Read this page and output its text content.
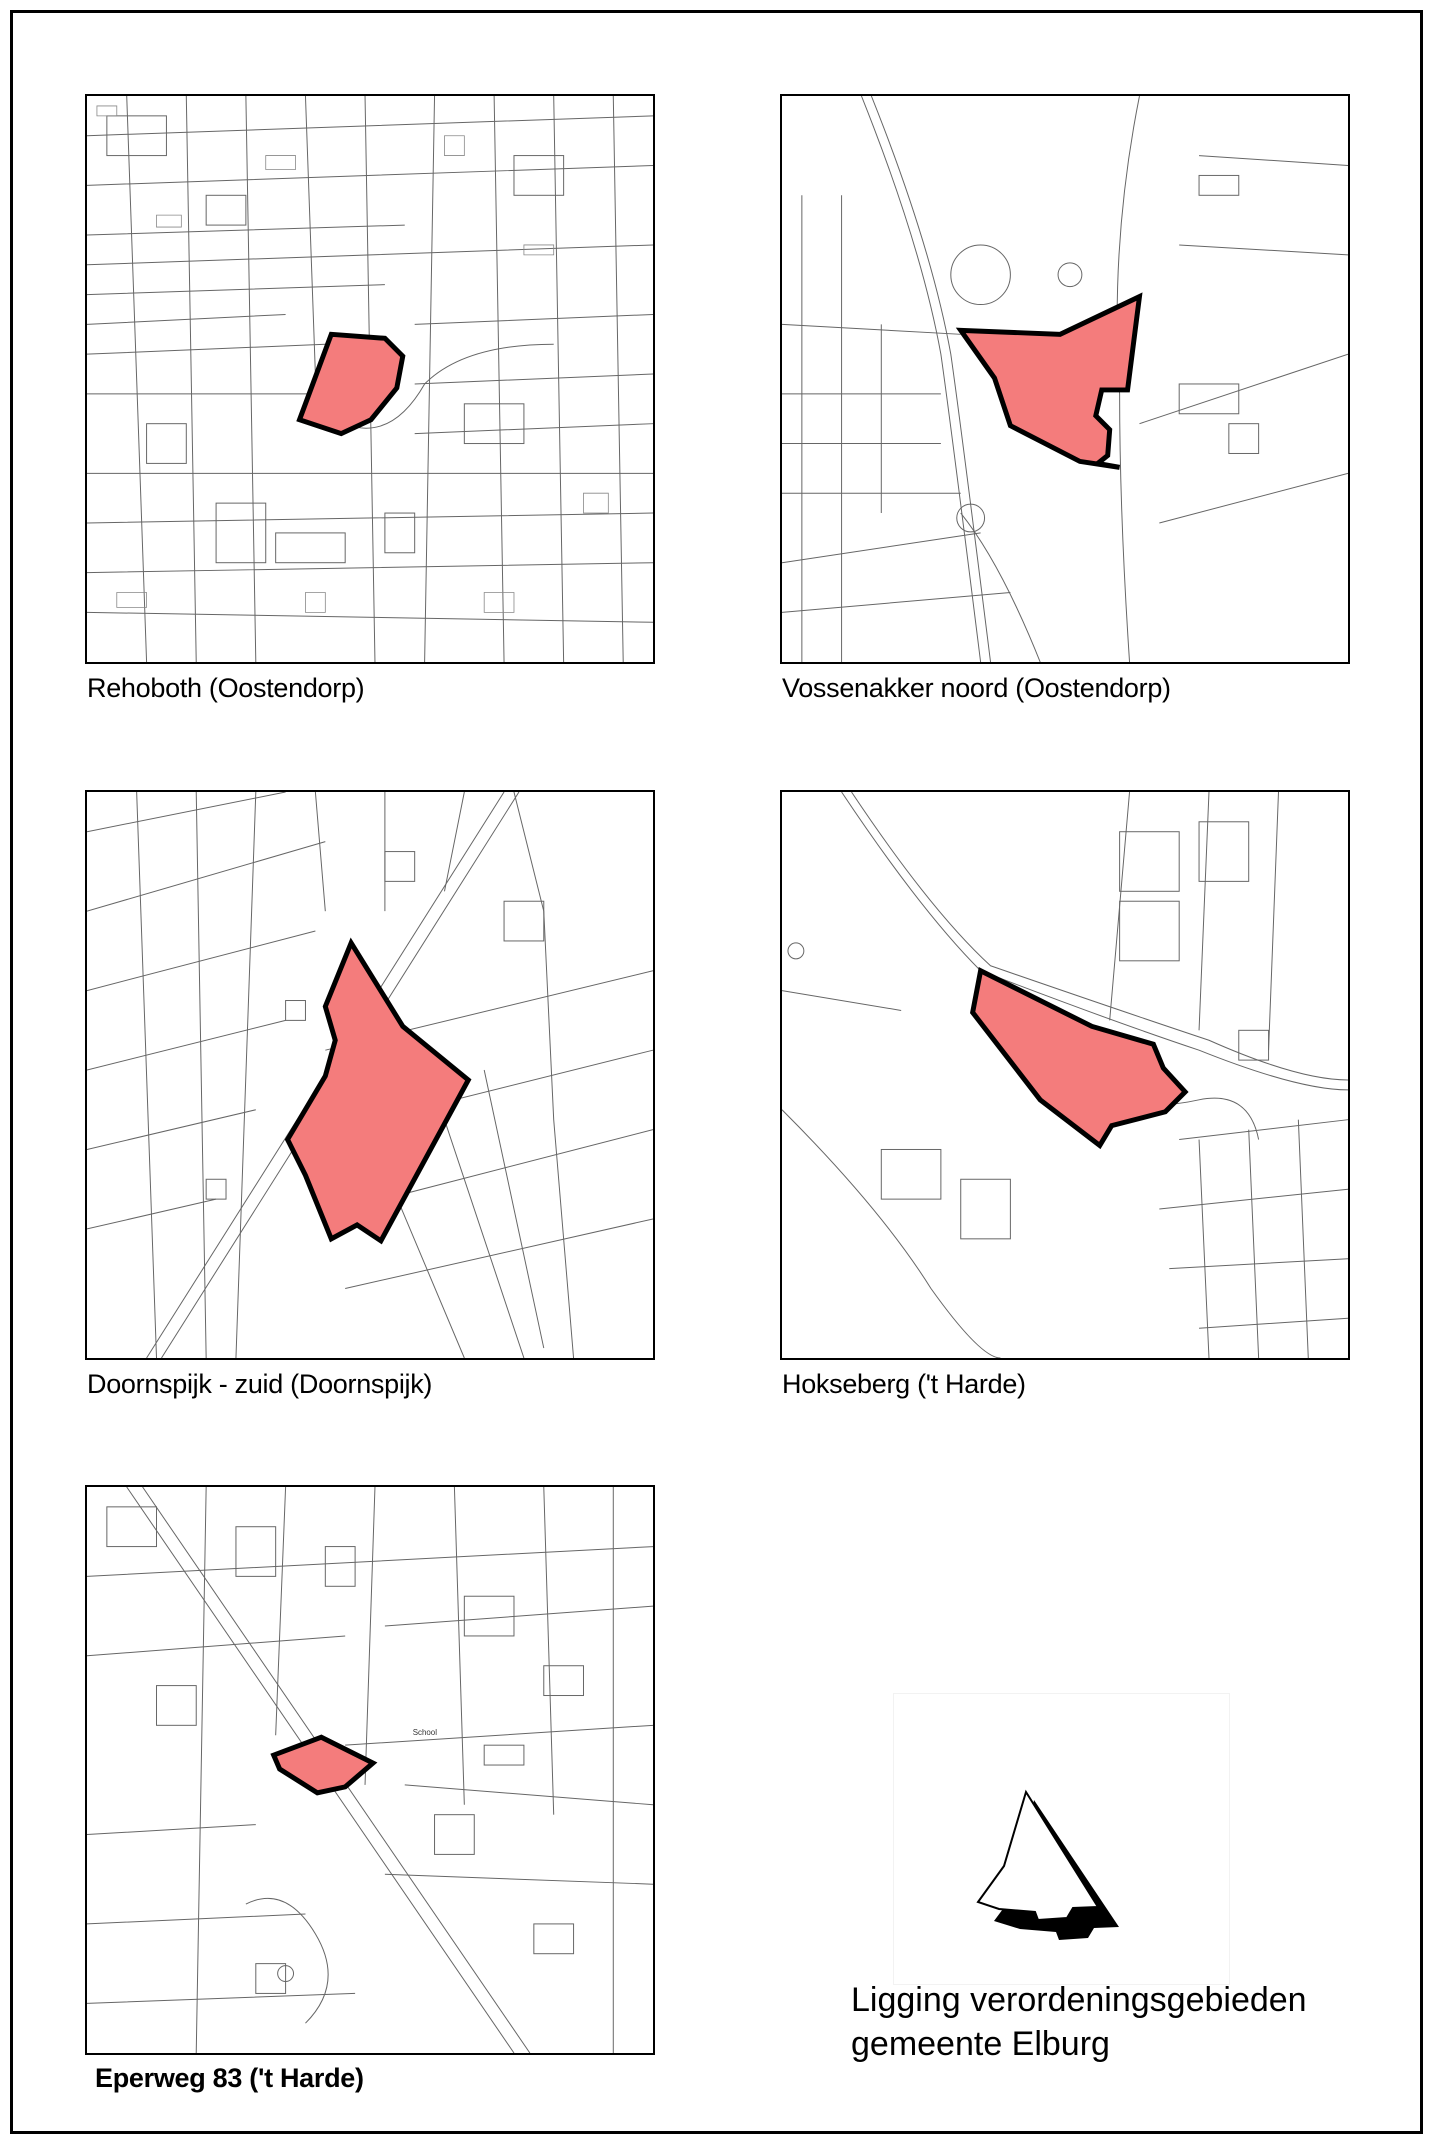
Rehoboth (Oostendorp)	Vossenakker noord (Oostendorp)
Doornspijk - zuid (Doornspijk)	Hokseberg ('t Harde)
School
Eperweg 83 ('t Harde)
Ligging verordeningsgebieden
gemeente Elburg
